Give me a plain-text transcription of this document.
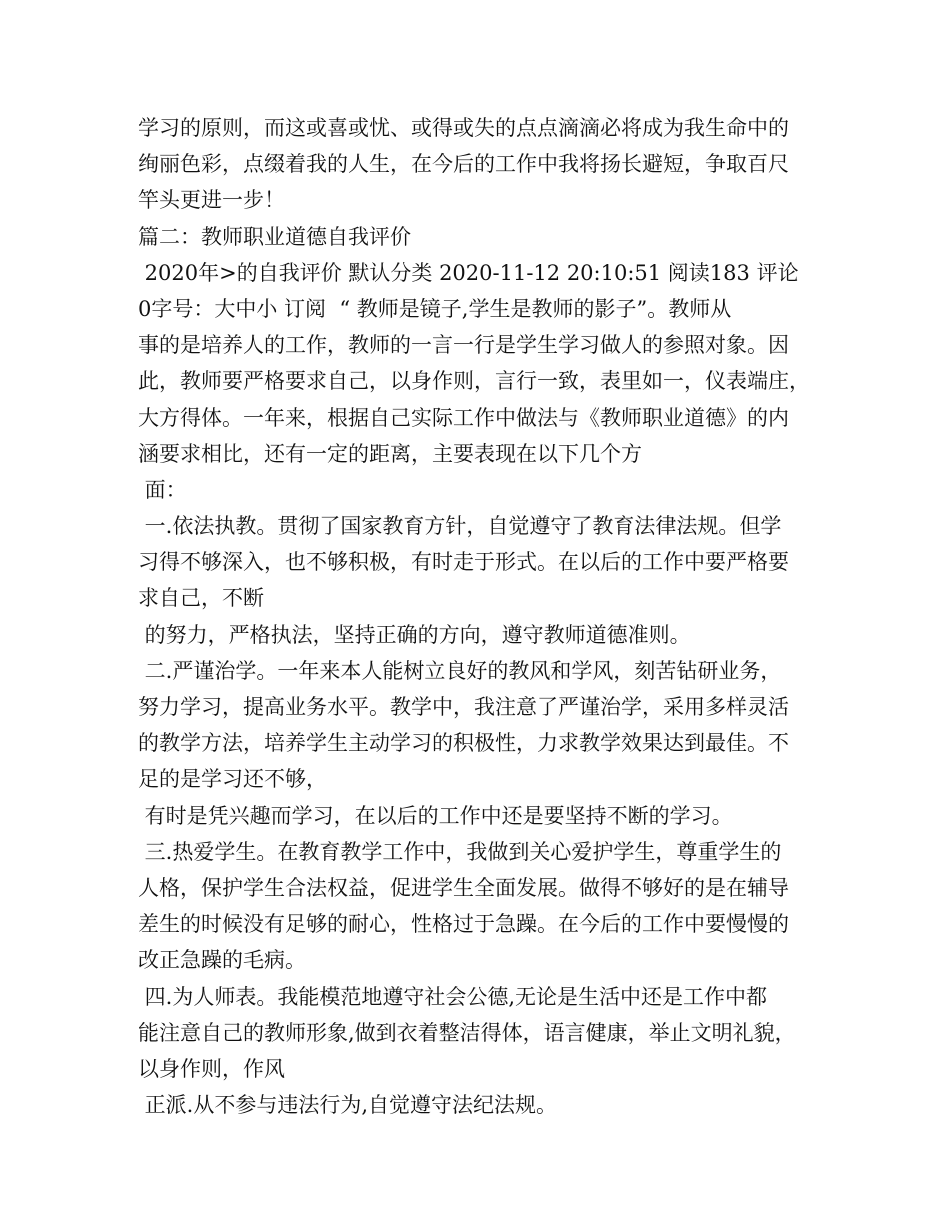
学习的原则，而这或喜或忧、或得或失的点点滴滴必将成为我生命中的
绚丽色彩，点缀着我的人生，在今后的工作中我将扬长避短，争取百尺
竿头更进一步！
篇二：教师职业道德自我评价
2020年>的自我评价 默认分类 2020-11-12 20:10:51 阅读183 评论
0字号：大中小 订阅  “ 教师是镜子,学生是教师的影子”。教师从
事的是培养人的工作，教师的一言一行是学生学习做人的参照对象。因
此，教师要严格要求自己，以身作则，言行一致，表里如一，仪表端庄，
大方得体。一年来，根据自己实际工作中做法与《教师职业道德》的内
涵要求相比，还有一定的距离，主要表现在以下几个方
面：
一.依法执教。贯彻了国家教育方针，自觉遵守了教育法律法规。但学
习得不够深入，也不够积极，有时走于形式。在以后的工作中要严格要
求自己，不断
的努力，严格执法，坚持正确的方向，遵守教师道德准则。
二.严谨治学。一年来本人能树立良好的教风和学风，刻苦钻研业务，
努力学习，提高业务水平。教学中，我注意了严谨治学，采用多样灵活
的教学方法，培养学生主动学习的积极性，力求教学效果达到最佳。不
足的是学习还不够，
有时是凭兴趣而学习，在以后的工作中还是要坚持不断的学习。
三.热爱学生。在教育教学工作中，我做到关心爱护学生，尊重学生的
人格，保护学生合法权益，促进学生全面发展。做得不够好的是在辅导
差生的时候没有足够的耐心，性格过于急躁。在今后的工作中要慢慢的
改正急躁的毛病。
四.为人师表。我能模范地遵守社会公德,无论是生活中还是工作中都
能注意自己的教师形象,做到衣着整洁得体，语言健康，举止文明礼貌，
以身作则，作风
正派.从不参与违法行为,自觉遵守法纪法规。
